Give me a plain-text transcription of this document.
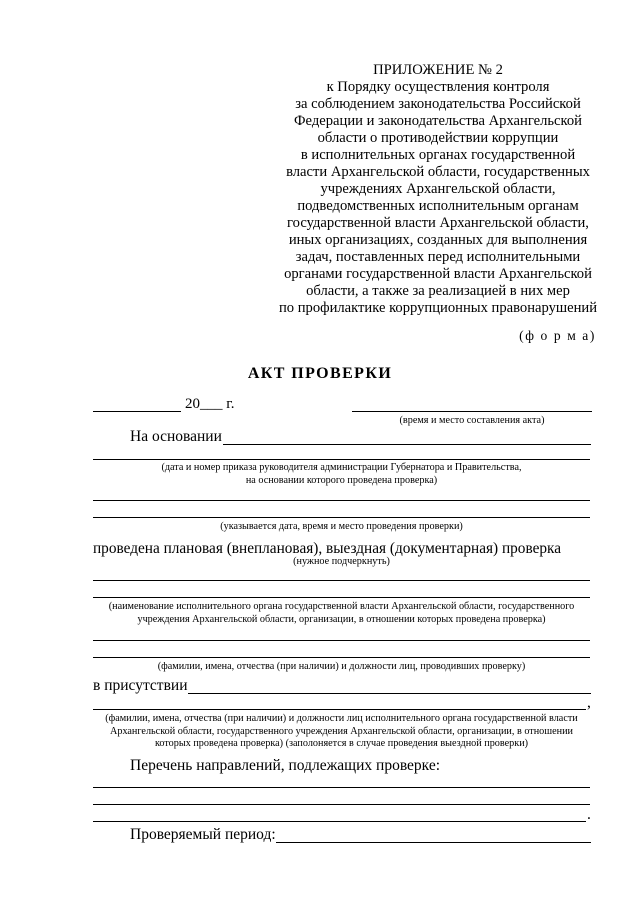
ПРИЛОЖЕНИЕ № 2
к Порядку осуществления контроля
за соблюдением законодательства Российской
Федерации и законодательства Архангельской
области о противодействии коррупции
в исполнительных органах государственной
власти Архангельской области, государственных
учреждениях Архангельской области,
подведомственных исполнительным органам
государственной власти Архангельской области,
иных организациях, созданных для выполнения
задач, поставленных перед исполнительными
органами государственной власти Архангельской
области, а также за реализацией в них мер
по профилактике коррупционных правонарушений
(ф о р м а)
АКТ ПРОВЕРКИ
20___ г.
(время и место составления акта)
На основании
(дата и номер приказа руководителя администрации Губернатора и Правительства,
на основании которого проведена проверка)
(указывается дата, время и место проведения проверки)
проведена плановая (внеплановая), выездная (документарная) проверка
(нужное подчеркнуть)
(наименование исполнительного органа государственной власти Архангельской области, государственного
учреждения Архангельской области, организации, в отношении которых проведена проверка)
(фамилии, имена, отчества (при наличии) и должности лиц, проводивших проверку)
в присутствии
,
(фамилии, имена, отчества (при наличии) и должности лиц исполнительного органа государственной власти
Архангельской области, государственного учреждения Архангельской области, организации, в отношении
которых проведена проверка) (заполоняется в случае проведения выездной проверки)
Перечень направлений, подлежащих проверке:
.
Проверяемый период:
